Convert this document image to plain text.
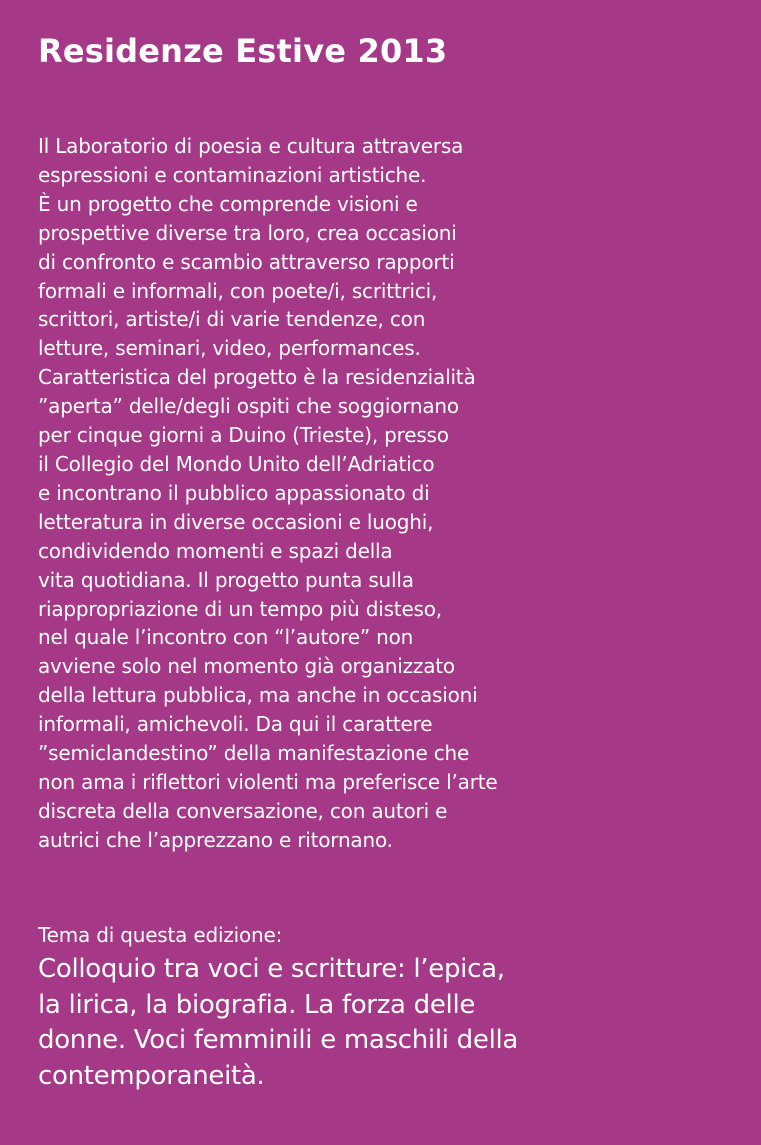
Residenze Estive 2013

Il Laboratorio di poesia e cultura attraversa
espressioni e contaminazioni artistiche.
È un progetto che comprende visioni e
prospettive diverse tra loro, crea occasioni
di confronto e scambio attraverso rapporti
formali e informali, con poete/i, scrittrici,
scrittori, artiste/i di varie tendenze, con
letture, seminari, video, performances.
Caratteristica del progetto è la residenzialità
”aperta” delle/degli ospiti che soggiornano
per cinque giorni a Duino (Trieste), presso
il Collegio del Mondo Unito dell’Adriatico
e incontrano il pubblico appassionato di
letteratura in diverse occasioni e luoghi,
condividendo momenti e spazi della
vita quotidiana. Il progetto punta sulla
riappropriazione di un tempo più disteso,
nel quale l’incontro con “l’autore” non
avviene solo nel momento già organizzato
della lettura pubblica, ma anche in occasioni
informali, amichevoli. Da qui il carattere
”semiclandestino” della manifestazione che
non ama i riflettori violenti ma preferisce l’arte
discreta della conversazione, con autori e
autrici che l’apprezzano e ritornano.

Tema di questa edizione:

Colloquio tra voci e scritture: l’epica,
la lirica, la biografia. La forza delle
donne. Voci femminili e maschili della
contemporaneità.
